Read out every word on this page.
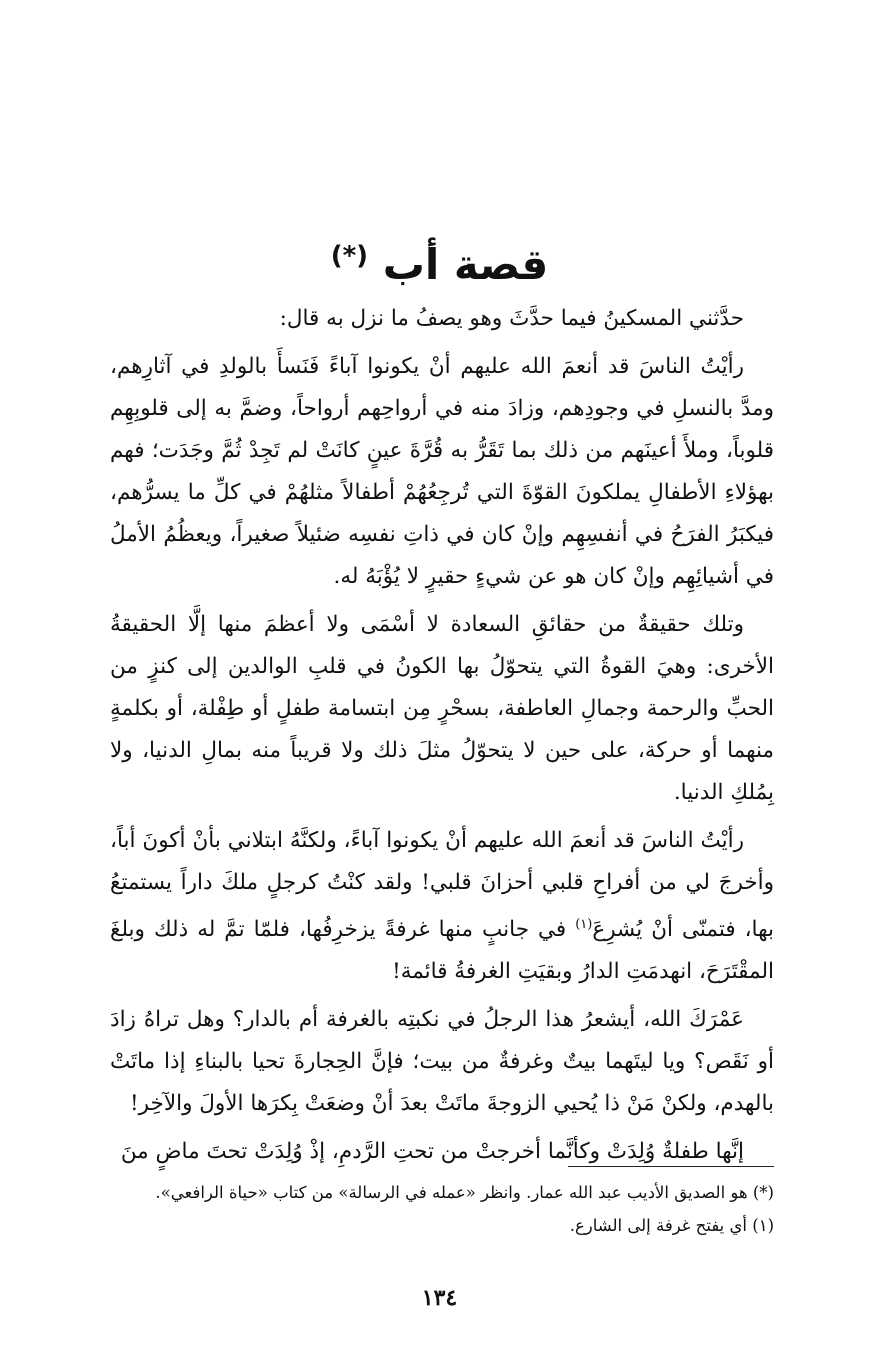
قصة أب (*)

حدَّثني المسكينُ فيما حدَّثَ وهو يصفُ ما نزل به قال:

رأيْتُ الناسَ قد أنعمَ الله عليهم أنْ يكونوا آباءً فَنَسأَ بالولدِ في آثارِهم، ومدَّ بالنسلِ في وجودِهم، وزادَ منه في أرواحِهم أرواحاً، وضمَّ به إلى قلوبِهِم قلوباً، وملأَ أعينَهم من ذلك بما تَقَرُّ به قُرَّةَ عينٍ كانَتْ لم تَجِدْ ثُمَّ وجَدَت؛ فهم بهؤلاءِ الأطفالِ يملكونَ القوّةَ التي تُرجِعُهُمْ أطفالاً مثلهُمْ في كلِّ ما يسرُّهم، فيكبَرُ الفرَحُ في أنفسِهِم وإنْ كان في ذاتِ نفسِه ضئيلاً صغيراً، ويعظُمُ الأملُ في أشيائِهِم وإنْ كان هو عن شيءٍ حقيرٍ لا يُؤْبَهُ له.

وتلك حقيقةٌ من حقائقِ السعادة لا أسْمَى ولا أعظمَ منها إلَّا الحقيقةُ الأخرى: وهيَ القوةُ التي يتحوّلُ بها الكونُ في قلبِ الوالدين إلى كنزٍ من الحبِّ والرحمة وجمالِ العاطفة، بسحْرٍ مِن ابتسامة طفلٍ أو طِفْلة، أو بكلمةٍ منهما أو حركة، على حين لا يتحوّلُ مثلَ ذلك ولا قريباً منه بمالِ الدنيا، ولا بِمُلكِ الدنيا.

رأيْتُ الناسَ قد أنعمَ الله عليهم أنْ يكونوا آباءً، ولكنَّهُ ابتلاني بأنْ أكونَ أباً، وأخرجَ لي من أفراحِ قلبي أحزانَ قلبي! ولقد كنْتُ كرجلٍ ملكَ داراً يستمتعُ بها، فتمنّى أنْ يُشرِعَ$^{(١)}$ في جانبٍ منها غرفةً يزخرِفُها، فلمّا تمَّ له ذلك وبلغَ المقْتَرَحَ، انهدمَتِ الدارُ وبقيَتِ الغرفةُ قائمة!

عَمْرَكَ الله، أيشعرُ هذا الرجلُ في نكبتِه بالغرفة أم بالدار؟ وهل تراهُ زادَ أو نَقَص؟ ويا ليتَهما بيتٌ وغرفةٌ من بيت؛ فإنَّ الحِجارةَ تحيا بالبناءِ إذا ماتَتْ بالهدم، ولكنْ مَنْ ذا يُحيي الزوجةَ ماتَتْ بعدَ أنْ وضعَتْ بِكرَها الأولَ والآخِر!

إنَّها طفلةٌ وُلِدَتْ وكأنَّما أخرجتْ من تحتِ الرَّدمِ، إذْ وُلِدَتْ تحتَ ماضٍ منَ

(*) هو الصديق الأديب عبد الله عمار. وانظر «عمله في الرسالة» من كتاب «حياة الرافعي».

(١) أي يفتح غرفة إلى الشارع.

١٣٤
